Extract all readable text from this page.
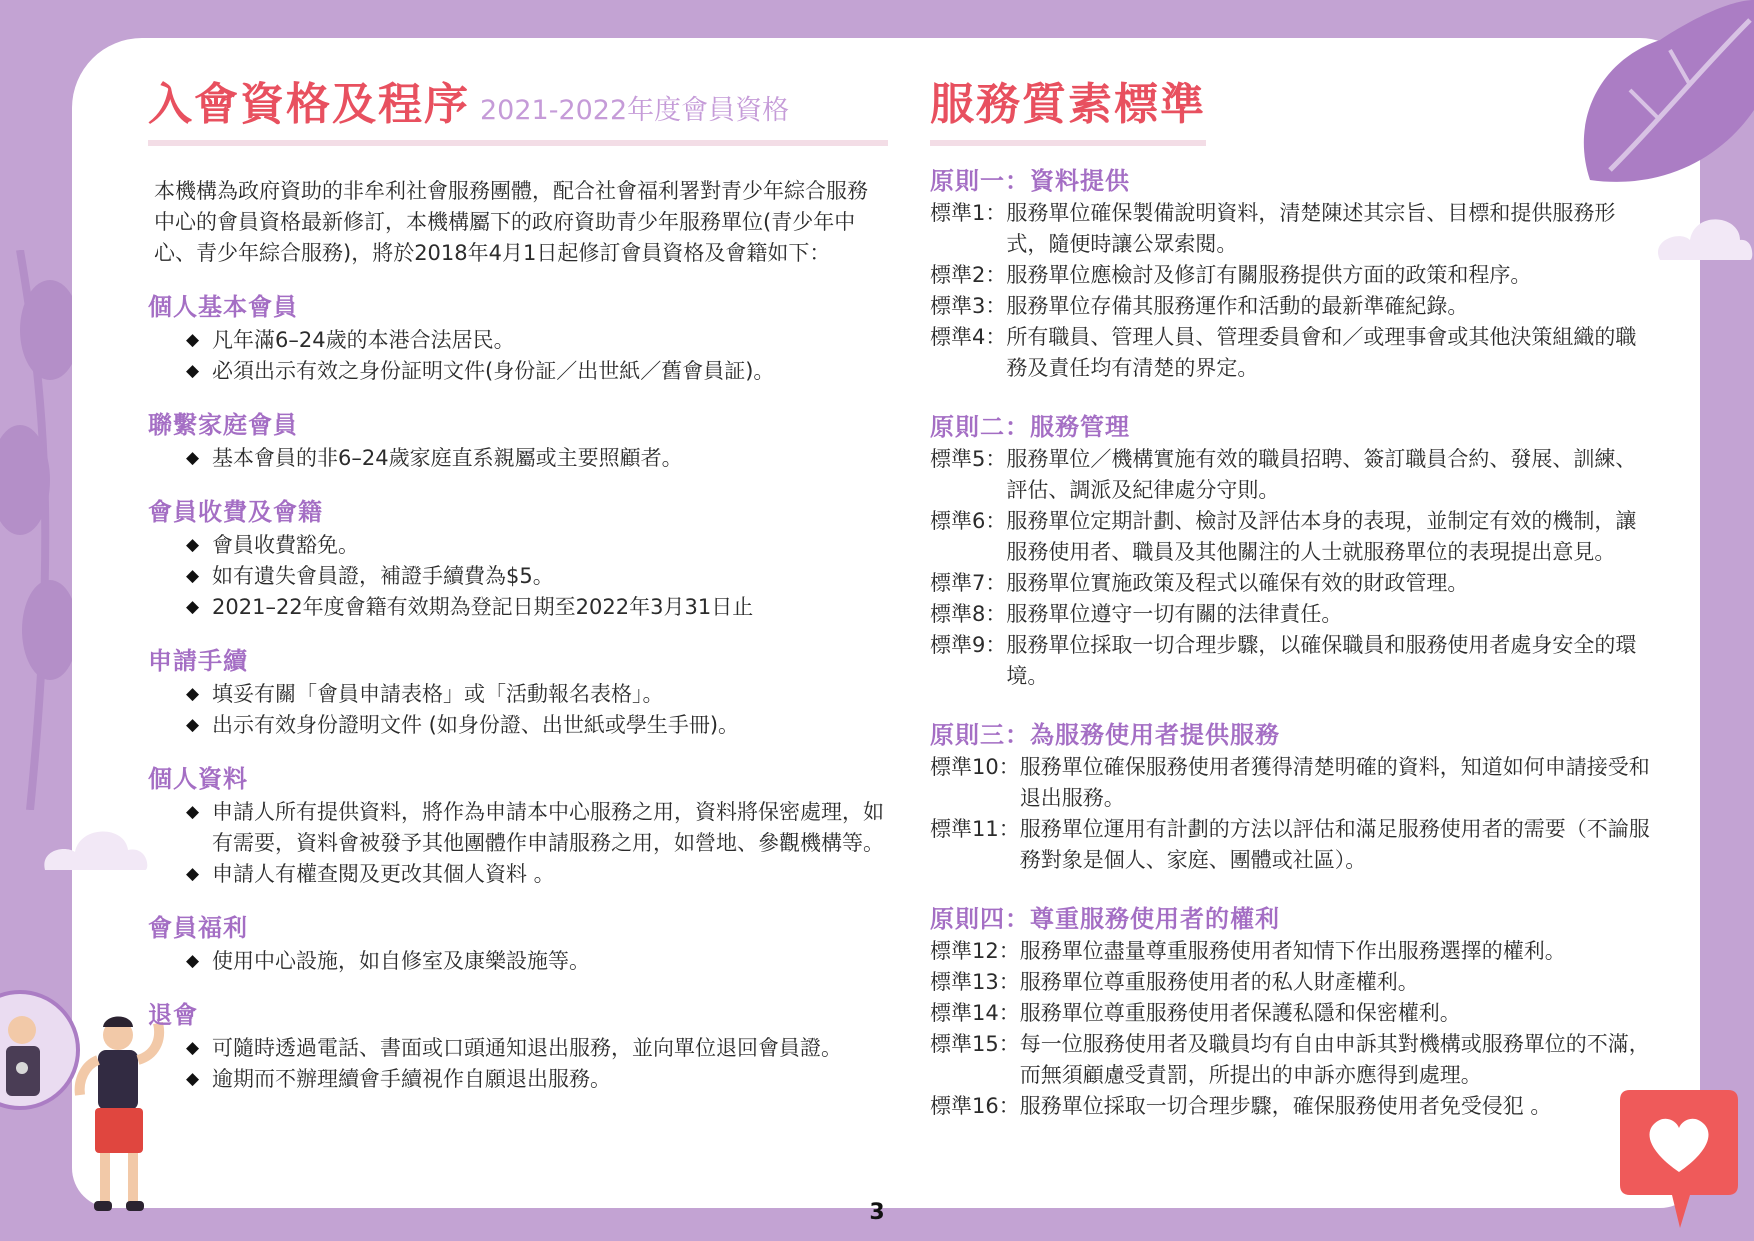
入會資格及程序 2021-2022年度會員資格
本機構為政府資助的非牟利社會服務團體，配合社會福利署對青少年綜合服務中心的會員資格最新修訂，本機構屬下的政府資助青少年服務單位(青少年中心、青少年綜合服務)，將於2018年4月1日起修訂會員資格及會籍如下：
個人基本會員
◆ 凡年滿6–24歲的本港合法居民。
◆ 必須出示有效之身份証明文件(身份証／出世紙／舊會員証)。
聯繫家庭會員
◆ 基本會員的非6–24歲家庭直系親屬或主要照顧者。
會員收費及會籍
◆ 會員收費豁免。
◆ 如有遺失會員證，補證手續費為$5。
◆ 2021–22年度會籍有效期為登記日期至2022年3月31日止
申請手續
◆ 填妥有關「會員申請表格」或「活動報名表格」。
◆ 出示有效身份證明文件 (如身份證、出世紙或學生手冊)。
個人資料
◆ 申請人所有提供資料，將作為申請本中心服務之用，資料將保密處理，如有需要，資料會被發予其他團體作申請服務之用，如營地、參觀機構等。
◆ 申請人有權查閱及更改其個人資料 。
會員福利
◆ 使用中心設施，如自修室及康樂設施等。
退會
◆ 可隨時透過電話、書面或口頭通知退出服務，並向單位退回會員證。
◆ 逾期而不辦理續會手續視作自願退出服務。
服務質素標準
原則一：資料提供
標準1： 服務單位確保製備說明資料，清楚陳述其宗旨、目標和提供服務形式，隨便時讓公眾索閱。
標準2： 服務單位應檢討及修訂有關服務提供方面的政策和程序。
標準3： 服務單位存備其服務運作和活動的最新準確紀錄。
標準4： 所有職員、管理人員、管理委員會和／或理事會或其他決策組織的職務及責任均有清楚的界定。
原則二：服務管理
標準5： 服務單位／機構實施有效的職員招聘、簽訂職員合約、發展、訓練、評估、調派及紀律處分守則。
標準6： 服務單位定期計劃、檢討及評估本身的表現，並制定有效的機制，讓服務使用者、職員及其他關注的人士就服務單位的表現提出意見。
標準7： 服務單位實施政策及程式以確保有效的財政管理。
標準8： 服務單位遵守一切有關的法律責任。
標準9： 服務單位採取一切合理步驟，以確保職員和服務使用者處身安全的環境。
原則三：為服務使用者提供服務
標準10： 服務單位確保服務使用者獲得清楚明確的資料，知道如何申請接受和退出服務。
標準11： 服務單位運用有計劃的方法以評估和滿足服務使用者的需要（不論服務對象是個人、家庭、團體或社區）。
原則四：尊重服務使用者的權利
標準12： 服務單位盡量尊重服務使用者知情下作出服務選擇的權利。
標準13： 服務單位尊重服務使用者的私人財產權利。
標準14： 服務單位尊重服務使用者保護私隱和保密權利。
標準15： 每一位服務使用者及職員均有自由申訴其對機構或服務單位的不滿，而無須顧慮受責罰，所提出的申訴亦應得到處理。
標準16： 服務單位採取一切合理步驟，確保服務使用者免受侵犯 。
3
